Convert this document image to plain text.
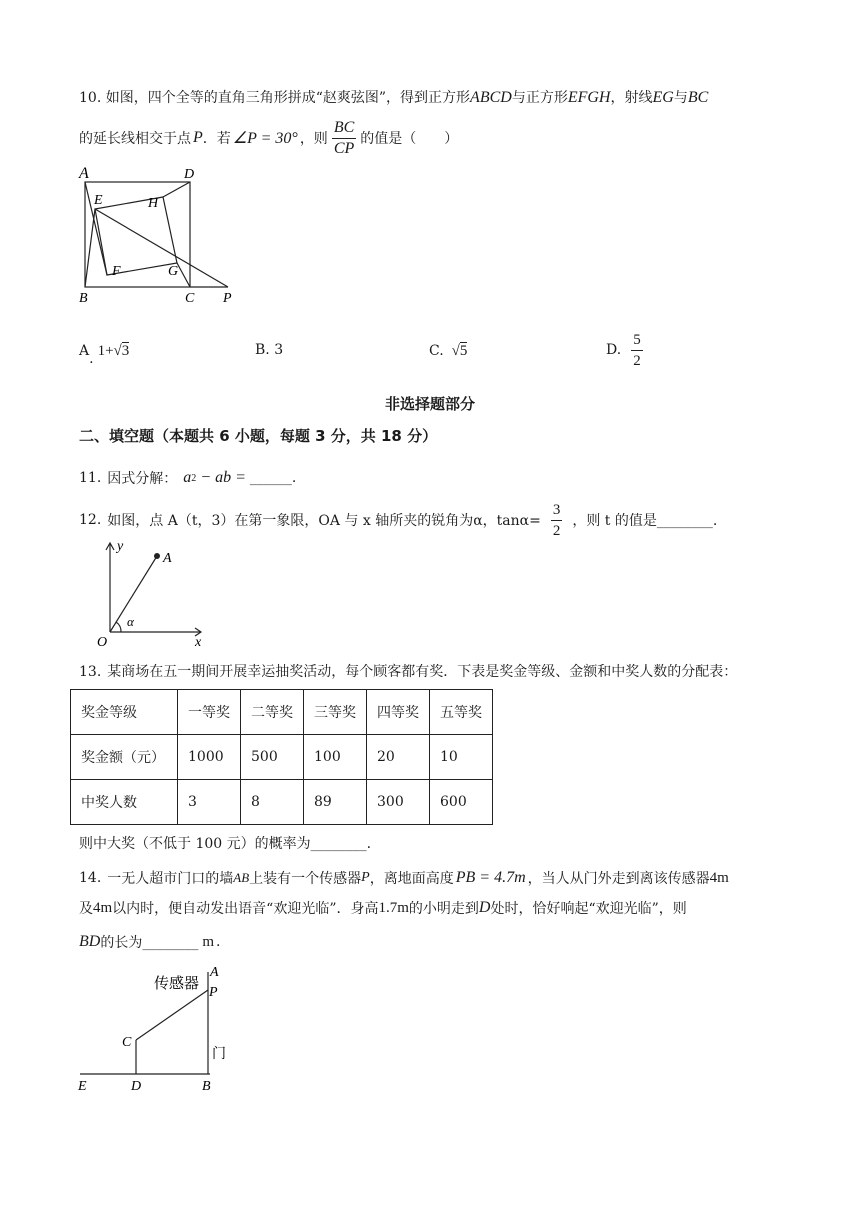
10. 如图，四个全等的直角三角形拼成“赵爽弦图”，得到正方形ABCD与正方形EFGH，射线EG与BC
的延长线相交于点 P ．若 ∠P = 30° ，则 $\frac{BC}{CP}$ 的值是（　　）
A	D
E	H
F	G
B	C P
A .
1+ √3	B. 3	C. √5	D. $\frac{5}{2}$
非选择题部分
二、填空题（本题共 6 小题，每题 3 分，共 18 分）
11. 因式分解： a 2 − ab = ______ .
12. 如图，点 A（t，3）在第一象限，OA 与 x 轴所夹的锐角为α，$\tan\alpha= \frac{3}{2}$ ，则 t 的值是________.
y
A
α
O	x
13. 某商场在五一期间开展幸运抽奖活动，每个顾客都有奖．下表是奖金等级、金额和中奖人数的分配表：
奖金等级	一等奖	二等奖	三等奖	四等奖	五等奖
奖金额（元）	1000	500	100	20	10
中奖人数	3	8	89	300	600
则中大奖（不低于 100 元）的概率为________.
14. 一无人超市门口的墙 AB 上装有一个传感器 P ，离地面高度 PB = 4.7m ，当人从门外走到离该传感器 4m
及 4m 以内时，便自动发出语音“欢迎光临”．身高 1.7m 的小明走到 D 处时，恰好响起“欢迎光临”，则
BD 的长为________ m .
传感器
A
P
C
门
E	D	B
